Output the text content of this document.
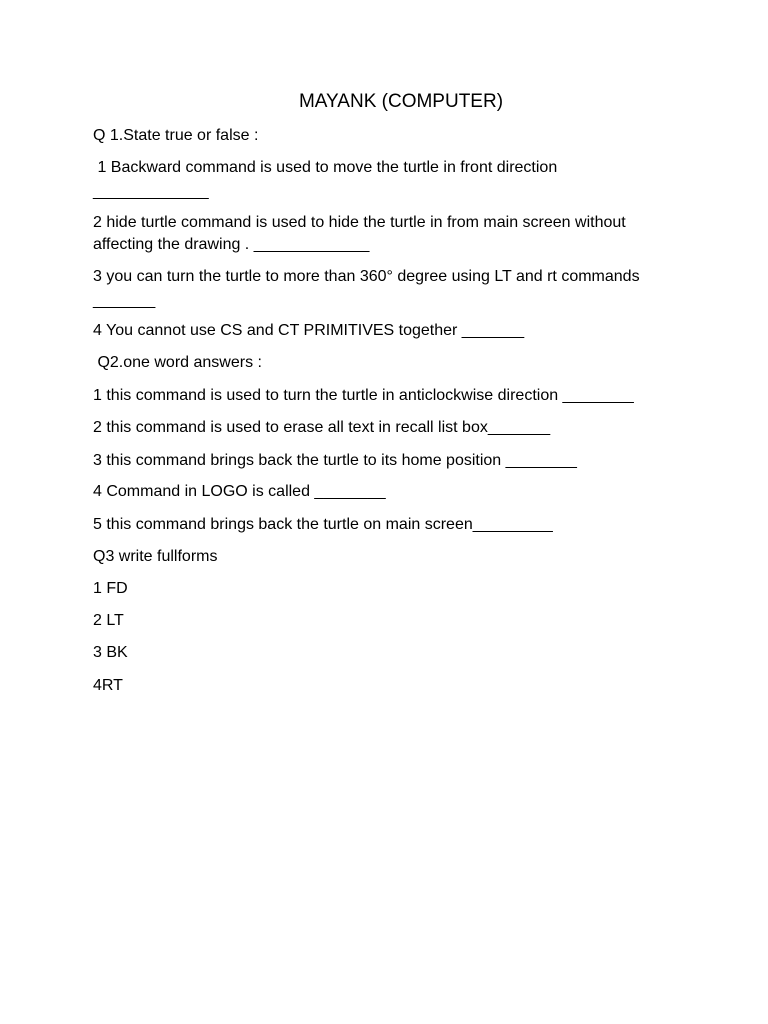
MAYANK (COMPUTER)
Q 1.State true or false :
1 Backward command is used to move the turtle in front direction
_____________
2 hide turtle command is used to hide the turtle in from main screen without
affecting the drawing . _____________
3 you can turn the turtle to more than 360° degree using LT and rt commands
_______
4 You cannot use CS and CT PRIMITIVES together _______
Q2.one word answers :
1 this command is used to turn the turtle in anticlockwise direction ________
2 this command is used to erase all text in recall list box_______
3 this command brings back the turtle to its home position ________
4 Command in LOGO is called ________
5 this command brings back the turtle on main screen_________
Q3 write fullforms
1 FD
2 LT
3 BK
4RT
